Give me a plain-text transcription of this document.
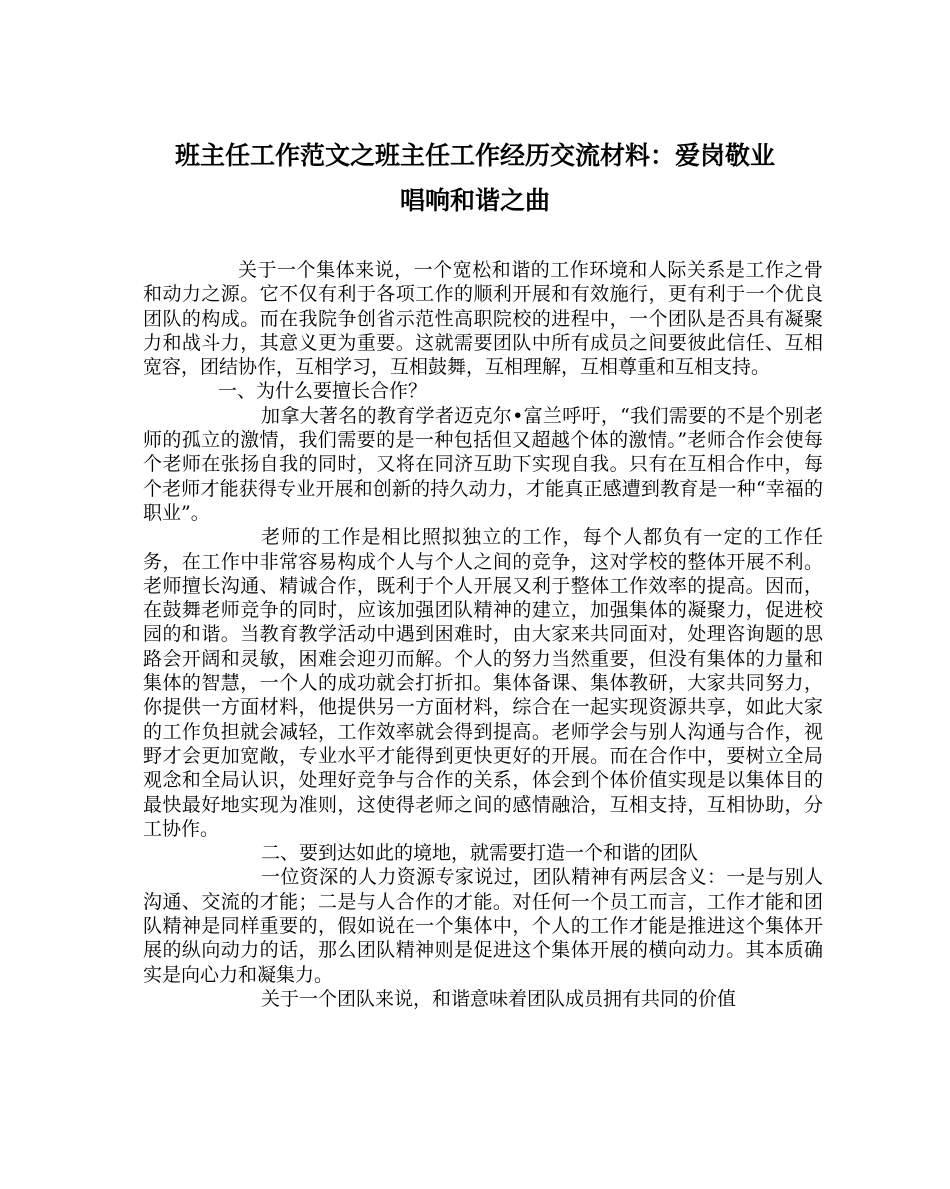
班主任工作范文之班主任工作经历交流材料：爱岗敬业
唱响和谐之曲

关于一个集体来说，一个宽松和谐的工作环境和人际关系是工作之骨和动力之源。它不仅有利于各项工作的顺利开展和有效施行，更有利于一个优良团队的构成。而在我院争创省示范性高职院校的进程中，一个团队是否具有凝聚力和战斗力，其意义更为重要。这就需要团队中所有成员之间要彼此信任、互相宽容，团结协作，互相学习，互相鼓舞，互相理解，互相尊重和互相支持。

一、为什么要擅长合作？

加拿大著名的教育学者迈克尔•富兰呼吁，“我们需要的不是个别老师的孤立的激情，我们需要的是一种包括但又超越个体的激情。”老师合作会使每个老师在张扬自我的同时，又将在同济互助下实现自我。只有在互相合作中，每个老师才能获得专业开展和创新的持久动力，才能真正感遭到教育是一种“幸福的职业”。

老师的工作是相比照拟独立的工作，每个人都负有一定的工作任务，在工作中非常容易构成个人与个人之间的竞争，这对学校的整体开展不利。老师擅长沟通、精诚合作，既利于个人开展又利于整体工作效率的提高。因而，在鼓舞老师竞争的同时，应该加强团队精神的建立，加强集体的凝聚力，促进校园的和谐。当教育教学活动中遇到困难时，由大家来共同面对，处理咨询题的思路会开阔和灵敏，困难会迎刃而解。个人的努力当然重要，但没有集体的力量和集体的智慧，一个人的成功就会打折扣。集体备课、集体教研，大家共同努力，你提供一方面材料，他提供另一方面材料，综合在一起实现资源共享，如此大家的工作负担就会减轻，工作效率就会得到提高。老师学会与别人沟通与合作，视野才会更加宽敞，专业水平才能得到更快更好的开展。而在合作中，要树立全局观念和全局认识，处理好竞争与合作的关系，体会到个体价值实现是以集体目的最快最好地实现为准则，这使得老师之间的感情融洽，互相支持，互相协助，分工协作。

二、要到达如此的境地，就需要打造一个和谐的团队

一位资深的人力资源专家说过，团队精神有两层含义：一是与别人沟通、交流的才能；二是与人合作的才能。对任何一个员工而言，工作才能和团队精神是同样重要的，假如说在一个集体中，个人的工作才能是推进这个集体开展的纵向动力的话，那么团队精神则是促进这个集体开展的横向动力。其本质确实是向心力和凝集力。

关于一个团队来说，和谐意味着团队成员拥有共同的价值
